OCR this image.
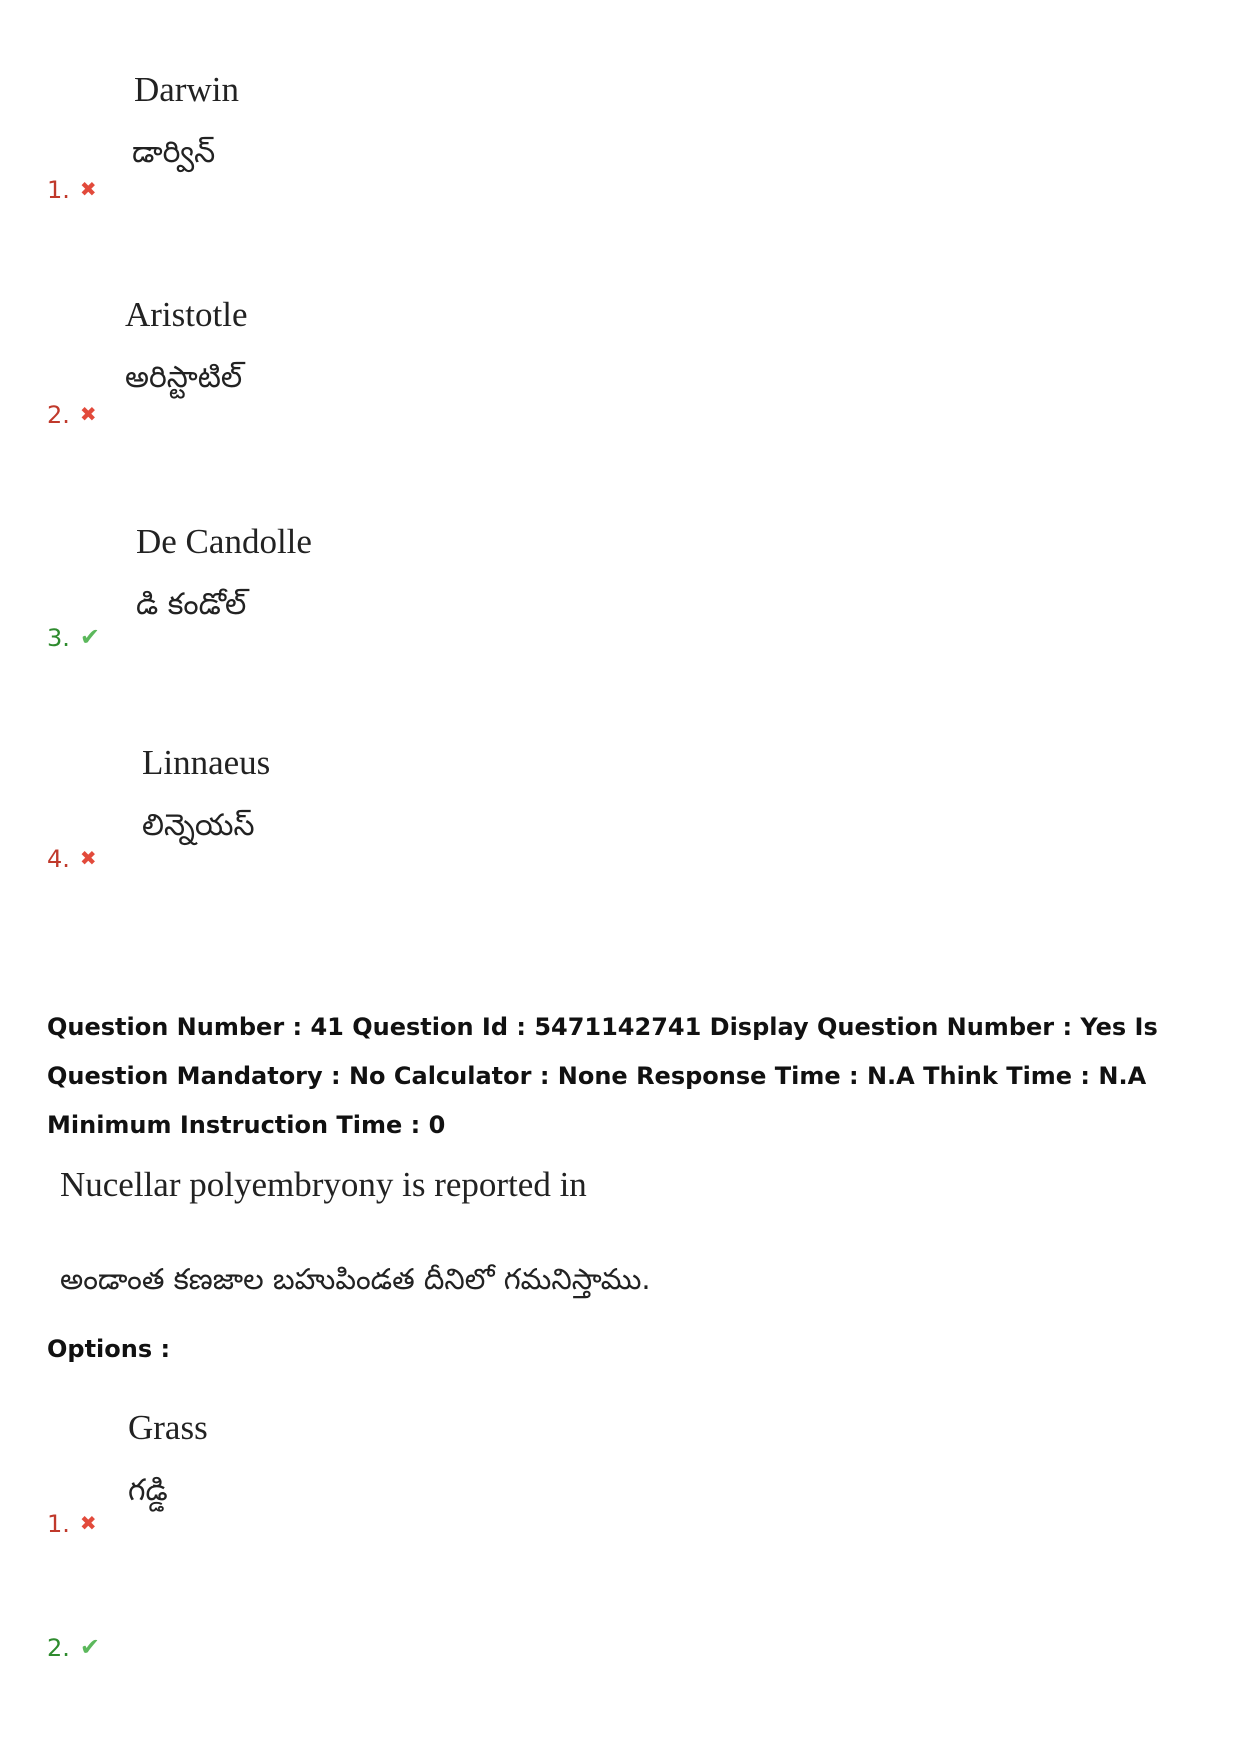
Darwin
డార్విన్
1. ✖
Aristotle
అరిస్టాటిల్
2. ✖
De Candolle
డి కండోల్
3. ✔
Linnaeus
లిన్నెయస్
4. ✖
Question Number : 41 Question Id : 5471142741 Display Question Number : Yes Is Question Mandatory : No Calculator : None Response Time : N.A Think Time : N.A Minimum Instruction Time : 0
Nucellar polyembryony is reported in
అండాంత కణజాల బహుపిండత దీనిలో గమనిస్తాము.
Options :
Grass
గడ్డి
1. ✖
2. ✔
